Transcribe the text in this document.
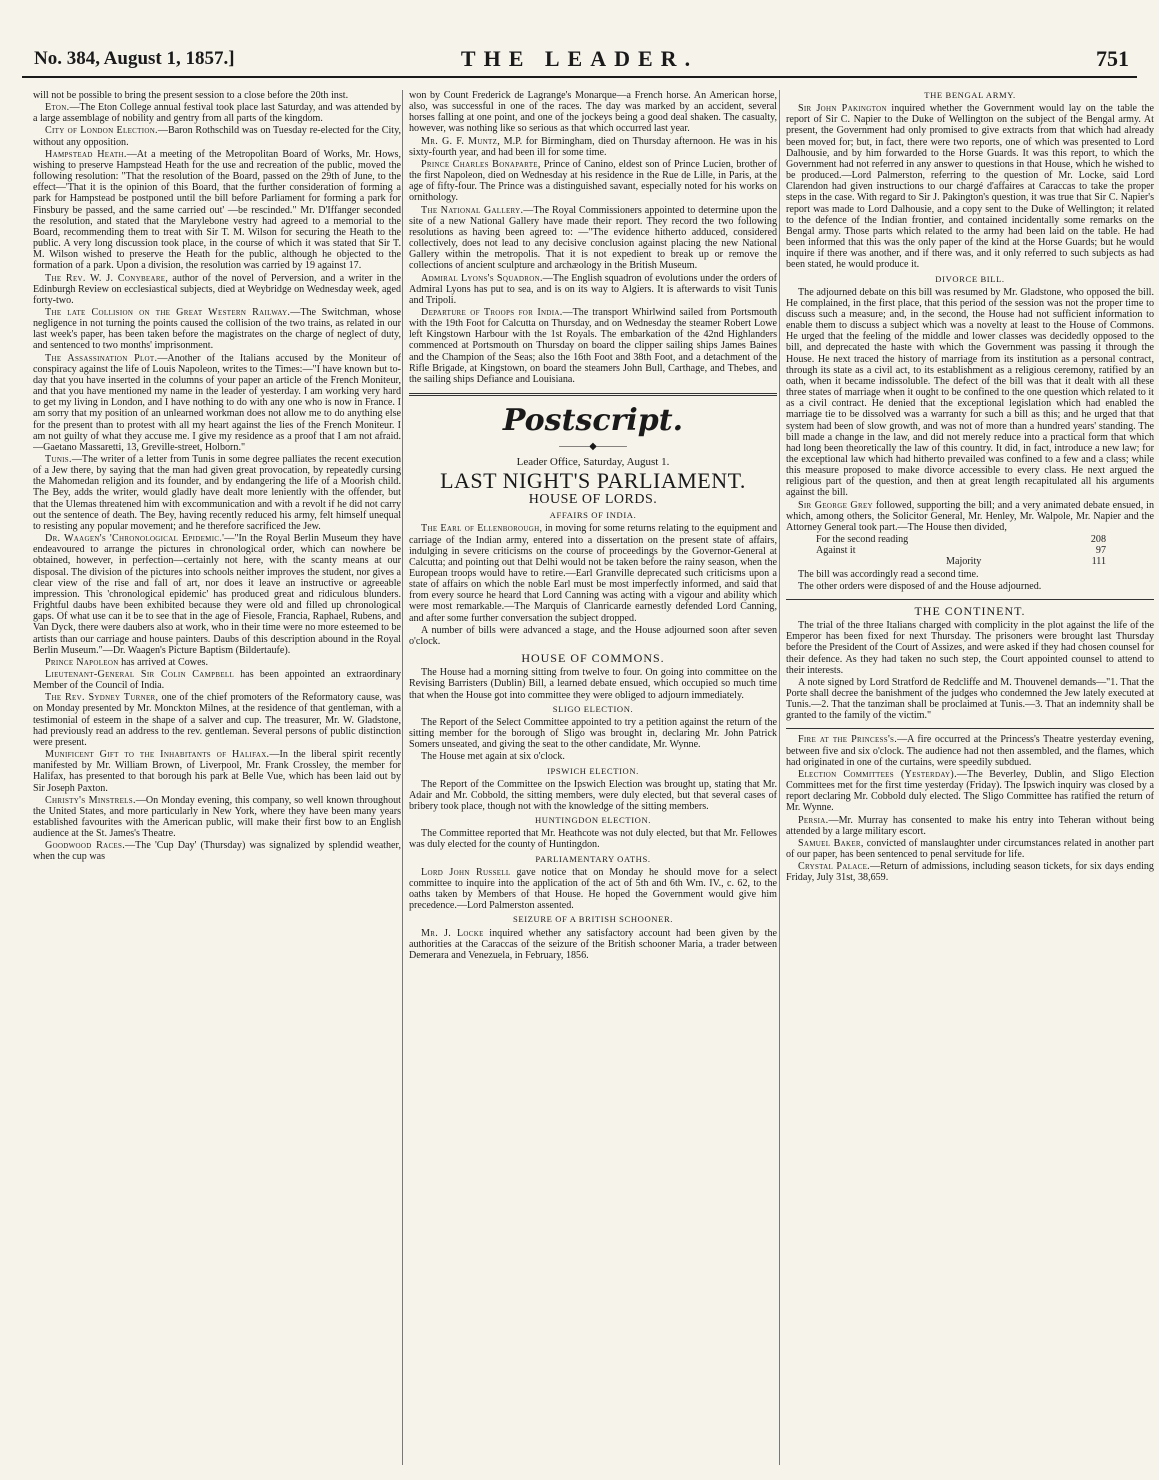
No. 384, August 1, 1857.]	THE LEADER.	751

will not be possible to bring the present session to a close before the 20th inst.

Eton.—The Eton College annual festival took place last Saturday, and was attended by a large assemblage of nobility and gentry from all parts of the kingdom.

City of London Election.—Baron Rothschild was on Tuesday re-elected for the City, without any opposition.

Hampstead Heath.—At a meeting of the Metropolitan Board of Works, Mr. Hows, wishing to preserve Hampstead Heath for the use and recreation of the public, moved the following resolution: "That the resolution of the Board, passed on the 29th of June, to the effect—'That it is the opinion of this Board, that the further consideration of forming a park for Hampstead be postponed until the bill before Parliament for forming a park for Finsbury be passed, and the same carried out' —be rescinded." Mr. D'Iffanger seconded the resolution, and stated that the Marylebone vestry had agreed to a memorial to the Board, recommending them to treat with Sir T. M. Wilson for securing the Heath to the public. A very long discussion took place, in the course of which it was stated that Sir T. M. Wilson wished to preserve the Heath for the public, although he objected to the formation of a park. Upon a division, the resolution was carried by 19 against 17.

The Rev. W. J. Conybeare, author of the novel of Perversion, and a writer in the Edinburgh Review on ecclesiastical subjects, died at Weybridge on Wednesday week, aged forty-two.

The late Collision on the Great Western Railway.—The Switchman, whose negligence in not turning the points caused the collision of the two trains, as related in our last week's paper, has been taken before the magistrates on the charge of neglect of duty, and sentenced to two months' imprisonment.

The Assassination Plot.—Another of the Italians accused by the Moniteur of conspiracy against the life of Louis Napoleon, writes to the Times:—"I have known but to-day that you have inserted in the columns of your paper an article of the French Moniteur, and that you have mentioned my name in the leader of yesterday. I am working very hard to get my living in London, and I have nothing to do with any one who is now in France. I am sorry that my position of an unlearned workman does not allow me to do anything else for the present than to protest with all my heart against the lies of the French Moniteur. I am not guilty of what they accuse me. I give my residence as a proof that I am not afraid.—Gaetano Massaretti, 13, Greville-street, Holborn."

Tunis.—The writer of a letter from Tunis in some degree palliates the recent execution of a Jew there, by saying that the man had given great provocation, by repeatedly cursing the Mahomedan religion and its founder, and by endangering the life of a Moorish child. The Bey, adds the writer, would gladly have dealt more leniently with the offender, but that the Ulemas threatened him with excommunication and with a revolt if he did not carry out the sentence of death. The Bey, having recently reduced his army, felt himself unequal to resisting any popular movement; and he therefore sacrificed the Jew.

Dr. Waagen's 'Chronological Epidemic.'—"In the Royal Berlin Museum they have endeavoured to arrange the pictures in chronological order, which can nowhere be obtained, however, in perfection—certainly not here, with the scanty means at our disposal. The division of the pictures into schools neither improves the student, nor gives a clear view of the rise and fall of art, nor does it leave an instructive or agreeable impression. This 'chronological epidemic' has produced great and ridiculous blunders. Frightful daubs have been exhibited because they were old and filled up chronological gaps. Of what use can it be to see that in the age of Fiesole, Francia, Raphael, Rubens, and Van Dyck, there were daubers also at work, who in their time were no more esteemed to be artists than our carriage and house painters. Daubs of this description abound in the Royal Berlin Museum."—Dr. Waagen's Picture Baptism (Bildertaufe).

Prince Napoleon has arrived at Cowes.

Lieutenant-General Sir Colin Campbell has been appointed an extraordinary Member of the Council of India.

The Rev. Sydney Turner, one of the chief promoters of the Reformatory cause, was on Monday presented by Mr. Monckton Milnes, at the residence of that gentleman, with a testimonial of esteem in the shape of a salver and cup. The treasurer, Mr. W. Gladstone, had previously read an address to the rev. gentleman. Several persons of public distinction were present.

Munificent Gift to the Inhabitants of Halifax.—In the liberal spirit recently manifested by Mr. William Brown, of Liverpool, Mr. Frank Crossley, the member for Halifax, has presented to that borough his park at Belle Vue, which has been laid out by Sir Joseph Paxton.

Christy's Minstrels.—On Monday evening, this company, so well known throughout the United States, and more particularly in New York, where they have been many years established favourites with the American public, will make their first bow to an English audience at the St. James's Theatre.

Goodwood Races.—The 'Cup Day' (Thursday) was signalized by splendid weather, when the cup was

won by Count Frederick de Lagrange's Monarque—a French horse. An American horse, also, was successful in one of the races. The day was marked by an accident, several horses falling at one point, and one of the jockeys being a good deal shaken. The casualty, however, was nothing like so serious as that which occurred last year.

Mr. G. F. Muntz, M.P. for Birmingham, died on Thursday afternoon. He was in his sixty-fourth year, and had been ill for some time.

Prince Charles Bonaparte, Prince of Canino, eldest son of Prince Lucien, brother of the first Napoleon, died on Wednesday at his residence in the Rue de Lille, in Paris, at the age of fifty-four. The Prince was a distinguished savant, especially noted for his works on ornithology.

The National Gallery.—The Royal Commissioners appointed to determine upon the site of a new National Gallery have made their report. They record the two following resolutions as having been agreed to: —"The evidence hitherto adduced, considered collectively, does not lead to any decisive conclusion against placing the new National Gallery within the metropolis. That it is not expedient to break up or remove the collections of ancient sculpture and archæology in the British Museum.

Admiral Lyons's Squadron.—The English squadron of evolutions under the orders of Admiral Lyons has put to sea, and is on its way to Algiers. It is afterwards to visit Tunis and Tripoli.

Departure of Troops for India.—The transport Whirlwind sailed from Portsmouth with the 19th Foot for Calcutta on Thursday, and on Wednesday the steamer Robert Lowe left Kingstown Harbour with the 1st Royals. The embarkation of the 42nd Highlanders commenced at Portsmouth on Thursday on board the clipper sailing ships James Baines and the Champion of the Seas; also the 16th Foot and 38th Foot, and a detachment of the Rifle Brigade, at Kingstown, on board the steamers John Bull, Carthage, and Thebes, and the sailing ships Defiance and Louisiana.

Postscript.
———◆———
Leader Office, Saturday, August 1.
LAST NIGHT'S PARLIAMENT.
HOUSE OF LORDS.
AFFAIRS OF INDIA.

The Earl of Ellenborough, in moving for some returns relating to the equipment and carriage of the Indian army, entered into a dissertation on the present state of affairs, indulging in severe criticisms on the course of proceedings by the Governor-General at Calcutta; and pointing out that Delhi would not be taken before the rainy season, when the European troops would have to retire.—Earl Granville deprecated such criticisms upon a state of affairs on which the noble Earl must be most imperfectly informed, and said that from every source he heard that Lord Canning was acting with a vigour and ability which were most remarkable.—The Marquis of Clanricarde earnestly defended Lord Canning, and after some further conversation the subject dropped.

A number of bills were advanced a stage, and the House adjourned soon after seven o'clock.

HOUSE OF COMMONS.

The House had a morning sitting from twelve to four. On going into committee on the Revising Barristers (Dublin) Bill, a learned debate ensued, which occupied so much time that when the House got into committee they were obliged to adjourn immediately.

SLIGO ELECTION.

The Report of the Select Committee appointed to try a petition against the return of the sitting member for the borough of Sligo was brought in, declaring Mr. John Patrick Somers unseated, and giving the seat to the other candidate, Mr. Wynne.

The House met again at six o'clock.

IPSWICH ELECTION.

The Report of the Committee on the Ipswich Election was brought up, stating that Mr. Adair and Mr. Cobbold, the sitting members, were duly elected, but that several cases of bribery took place, though not with the knowledge of the sitting members.

HUNTINGDON ELECTION.

The Committee reported that Mr. Heathcote was not duly elected, but that Mr. Fellowes was duly elected for the county of Huntingdon.

PARLIAMENTARY OATHS.

Lord John Russell gave notice that on Monday he should move for a select committee to inquire into the application of the act of 5th and 6th Wm. IV., c. 62, to the oaths taken by Members of that House. He hoped the Government would give him precedence.—Lord Palmerston assented.

SEIZURE OF A BRITISH SCHOONER.

Mr. J. Locke inquired whether any satisfactory account had been given by the authorities at the Caraccas of the seizure of the British schooner Maria, a trader between Demerara and Venezuela, in February, 1856.

THE BENGAL ARMY.

Sir John Pakington inquired whether the Government would lay on the table the report of Sir C. Napier to the Duke of Wellington on the subject of the Bengal army. At present, the Government had only promised to give extracts from that which had already been moved for; but, in fact, there were two reports, one of which was presented to Lord Dalhousie, and by him forwarded to the Horse Guards. It was this report, to which the Government had not referred in any answer to questions in that House, which he wished to be produced.—Lord Palmerston, referring to the question of Mr. Locke, said Lord Clarendon had given instructions to our chargé d'affaires at Caraccas to take the proper steps in the case. With regard to Sir J. Pakington's question, it was true that Sir C. Napier's report was made to Lord Dalhousie, and a copy sent to the Duke of Wellington; it related to the defence of the Indian frontier, and contained incidentally some remarks on the Bengal army. Those parts which related to the army had been laid on the table. He had been informed that this was the only paper of the kind at the Horse Guards; but he would inquire if there was another, and if there was, and it only referred to such subjects as had been stated, he would produce it.

DIVORCE BILL.

The adjourned debate on this bill was resumed by Mr. Gladstone, who opposed the bill. He complained, in the first place, that this period of the session was not the proper time to discuss such a measure; and, in the second, the House had not sufficient information to enable them to discuss a subject which was a novelty at least to the House of Commons. He urged that the feeling of the middle and lower classes was decidedly opposed to the bill, and deprecated the haste with which the Government was passing it through the House. He next traced the history of marriage from its institution as a personal contract, through its state as a civil act, to its establishment as a religious ceremony, ratified by an oath, when it became indissoluble. The defect of the bill was that it dealt with all these three states of marriage when it ought to be confined to the one question which related to it as a civil contract. He denied that the exceptional legislation which had enabled the marriage tie to be dissolved was a warranty for such a bill as this; and he urged that that system had been of slow growth, and was not of more than a hundred years' standing. The bill made a change in the law, and did not merely reduce into a practical form that which had long been theoretically the law of this country. It did, in fact, introduce a new law; for the exceptional law which had hitherto prevailed was confined to a few and a class; while this measure proposed to make divorce accessible to every class. He next argued the religious part of the question, and then at great length recapitulated all his arguments against the bill.

Sir George Grey followed, supporting the bill; and a very animated debate ensued, in which, among others, the Solicitor General, Mr. Henley, Mr. Walpole, Mr. Napier and the Attorney General took part.—The House then divided,

For the second reading	208
Against it	97
Majority	111

The bill was accordingly read a second time.

The other orders were disposed of and the House adjourned.

THE CONTINENT.

The trial of the three Italians charged with complicity in the plot against the life of the Emperor has been fixed for next Thursday. The prisoners were brought last Thursday before the President of the Court of Assizes, and were asked if they had chosen counsel for their defence. As they had taken no such step, the Court appointed counsel to attend to their interests.

A note signed by Lord Stratford de Redcliffe and M. Thouvenel demands—"1. That the Porte shall decree the banishment of the judges who condemned the Jew lately executed at Tunis.—2. That the tanziman shall be proclaimed at Tunis.—3. That an indemnity shall be granted to the family of the victim."

Fire at the Princess's.—A fire occurred at the Princess's Theatre yesterday evening, between five and six o'clock. The audience had not then assembled, and the flames, which had originated in one of the curtains, were speedily subdued.

Election Committees (Yesterday).—The Beverley, Dublin, and Sligo Election Committees met for the first time yesterday (Friday). The Ipswich inquiry was closed by a report declaring Mr. Cobbold duly elected. The Sligo Committee has ratified the return of Mr. Wynne.

Persia.—Mr. Murray has consented to make his entry into Teheran without being attended by a large military escort.

Samuel Baker, convicted of manslaughter under circumstances related in another part of our paper, has been sentenced to penal servitude for life.

Crystal Palace.—Return of admissions, including season tickets, for six days ending Friday, July 31st, 38,659.
